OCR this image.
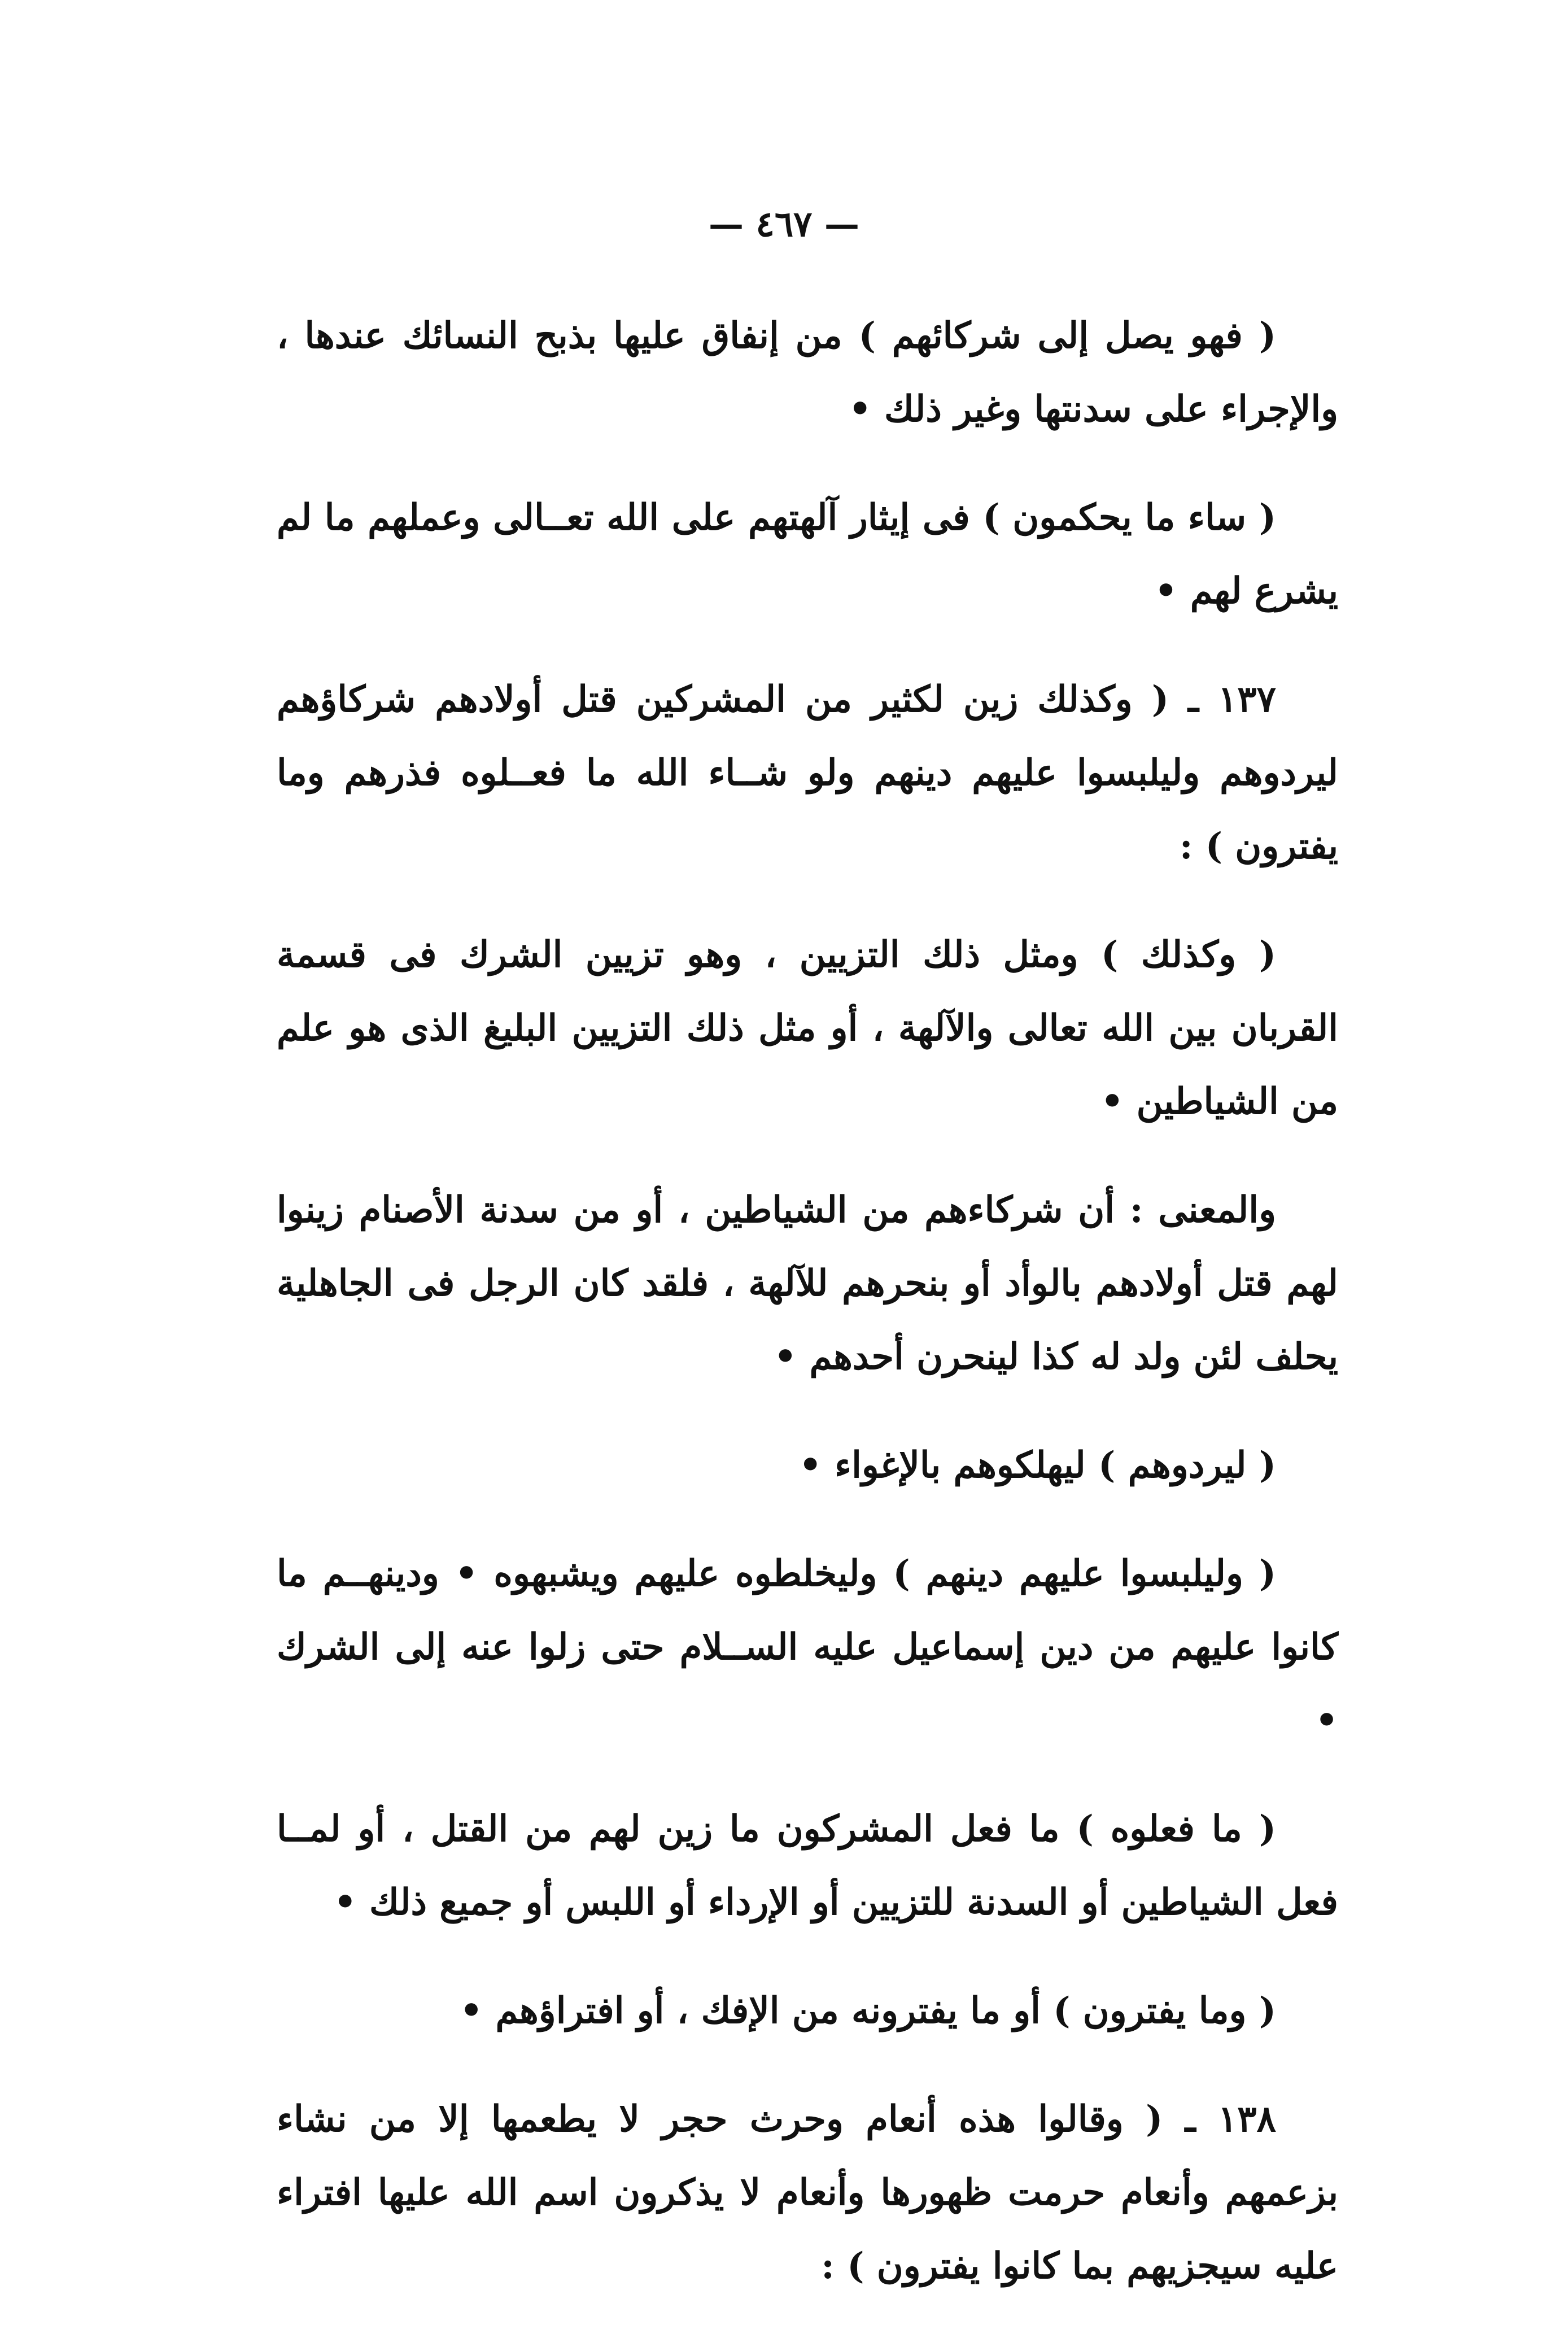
— ٤٦٧ —

( فهو يصل إلى شركائهم ) من إنفاق عليها بذبح النسائك عندها ، والإجراء على سدنتها وغير ذلك •

( ساء ما يحكمون ) فى إيثار آلهتهم على الله تعــالى وعملهم ما لم يشرع لهم •

١٣٧ ـ ( وكذلك زين لكثير من المشركين قتل أولادهم شركاؤهم ليردوهم وليلبسوا عليهم دينهم ولو شــاء الله ما فعــلوه فذرهم وما يفترون ) :

( وكذلك ) ومثل ذلك التزيين ، وهو تزيين الشرك فى قسمة القربان بين الله تعالى والآلهة ، أو مثل ذلك التزيين البليغ الذى هو علم من الشياطين •

والمعنى : أن شركاءهم من الشياطين ، أو من سدنة الأصنام زينوا لهم قتل أولادهم بالوأد أو بنحرهم للآلهة ، فلقد كان الرجل فى الجاهلية يحلف لئن ولد له كذا لينحرن أحدهم •

( ليردوهم ) ليهلكوهم بالإغواء •

( وليلبسوا عليهم دينهم ) وليخلطوه عليهم ويشبهوه • ودينهــم ما كانوا عليهم من دين إسماعيل عليه الســلام حتى زلوا عنه إلى الشرك •

( ما فعلوه ) ما فعل المشركون ما زين لهم من القتل ، أو لمــا فعل الشياطين أو السدنة للتزيين أو الإرداء أو اللبس أو جميع ذلك •

( وما يفترون ) أو ما يفترونه من الإفك ، أو افتراؤهم •

١٣٨ ـ ( وقالوا هذه أنعام وحرث حجر لا يطعمها إلا من نشاء بزعمهم وأنعام حرمت ظهورها وأنعام لا يذكرون اسم الله عليها افتراء عليه سيجزيهم بما كانوا يفترون ) :
